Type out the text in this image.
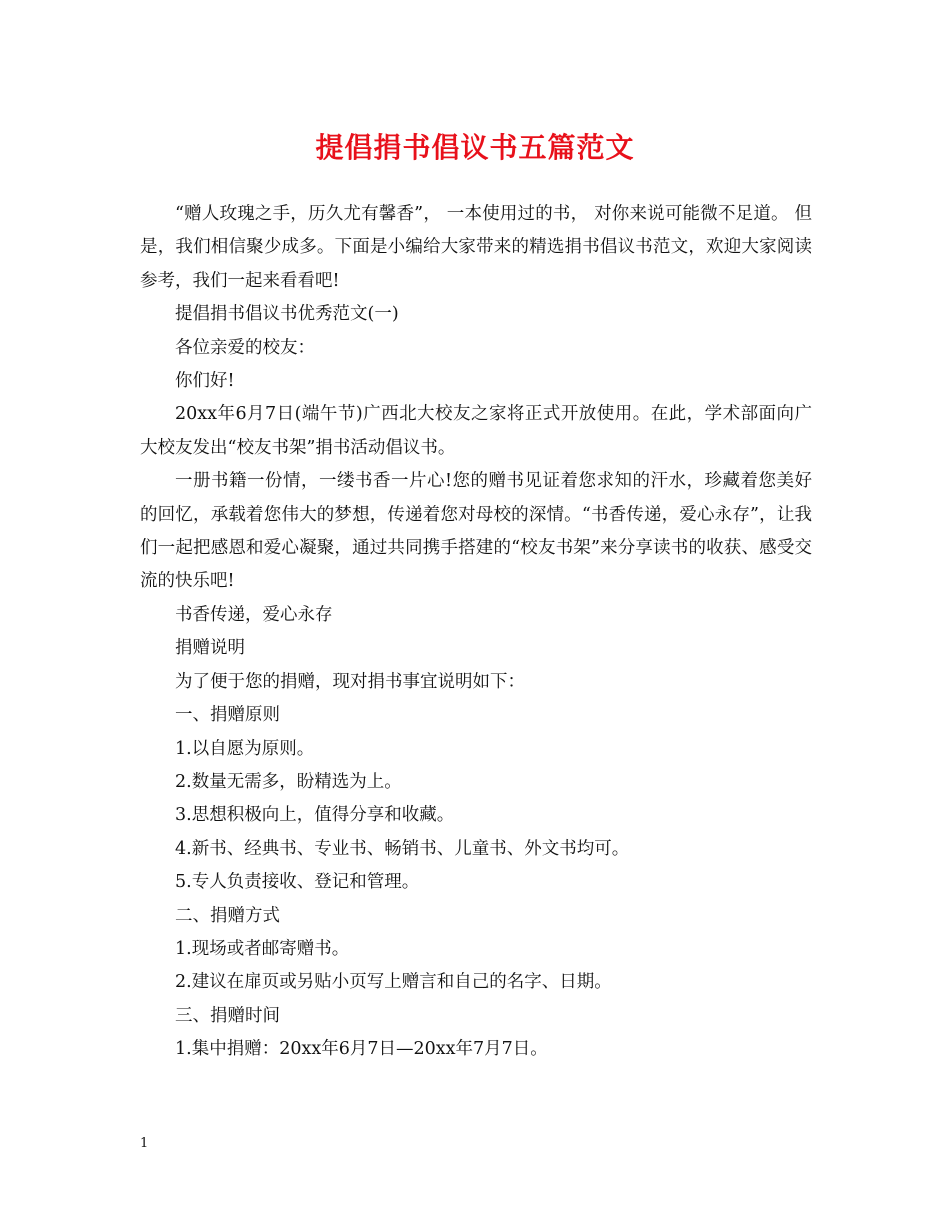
提倡捐书倡议书五篇范文

“赠人玫瑰之手，历久尤有馨香”， 一本使用过的书， 对你来说可能微不足道。 但是，我们相信聚少成多。下面是小编给大家带来的精选捐书倡议书范文，欢迎大家阅读参考，我们一起来看看吧!

提倡捐书倡议书优秀范文(一)

各位亲爱的校友：

你们好!

20xx年6月7日(端午节)广西北大校友之家将正式开放使用。在此，学术部面向广大校友发出“校友书架”捐书活动倡议书。

一册书籍一份情，一缕书香一片心!您的赠书见证着您求知的汗水，珍藏着您美好的回忆，承载着您伟大的梦想，传递着您对母校的深情。“书香传递，爱心永存”，让我们一起把感恩和爱心凝聚，通过共同携手搭建的“校友书架”来分享读书的收获、感受交流的快乐吧!

书香传递，爱心永存

捐赠说明

为了便于您的捐赠，现对捐书事宜说明如下：

一、捐赠原则

1.以自愿为原则。

2.数量无需多，盼精选为上。

3.思想积极向上，值得分享和收藏。

4.新书、经典书、专业书、畅销书、儿童书、外文书均可。

5.专人负责接收、登记和管理。

二、捐赠方式

1.现场或者邮寄赠书。

2.建议在扉页或另贴小页写上赠言和自己的名字、日期。

三、捐赠时间

1.集中捐赠：20xx年6月7日—20xx年7月7日。

1
